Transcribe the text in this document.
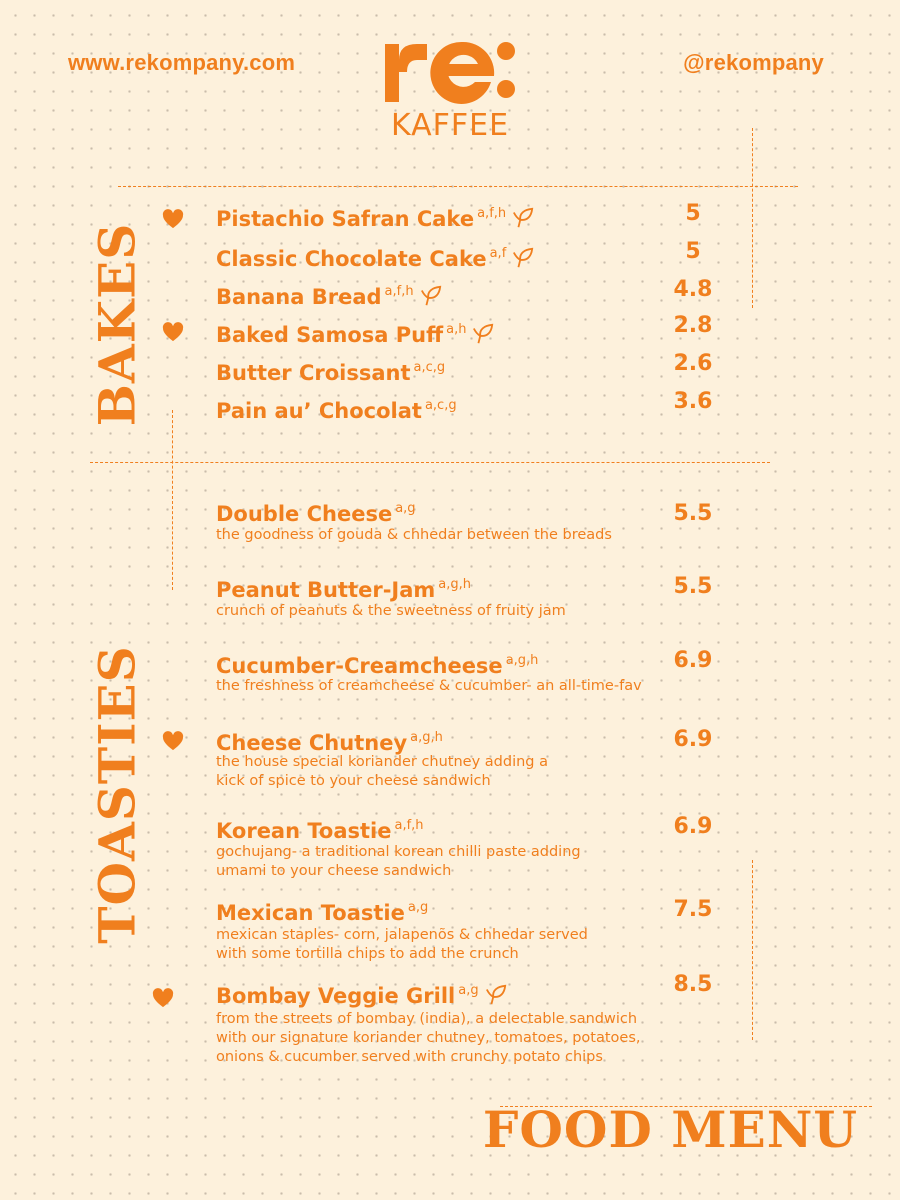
www.rekompany.com	@rekompany
KAFFEE
BAKES
TOASTIES
Pistachio Safran Cake $^{a,f,h}$	5
Classic Chocolate Cake $^{a,f}$	5
Banana Bread $^{a,f,h}$	4.8
Baked Samosa Puff $^{a,h}$	2.8
Butter Croissant $^{a,c,g}$	2.6
Pain au’ Chocolat $^{a,c,g}$	3.6
Double Cheese $^{a,g}$	5.5
the goodness of gouda & chhedar between the breads
Peanut Butter-Jam $^{a,g,h}$	5.5
crunch of peanuts & the sweetness of fruity jam
Cucumber-Creamcheese $^{a,g,h}$	6.9
the freshness of creamcheese & cucumber- an all-time-fav
Cheese Chutney $^{a,g,h}$	6.9
the house special koriander chutney adding a
kick of spice to your cheese sandwich
Korean Toastie $^{a,f,h}$	6.9
gochujang- a traditional korean chilli paste adding
umami to your cheese sandwich
Mexican Toastie $^{a,g}$	7.5
mexican staples- corn, jalapenõs & chhedar served
with some tortilla chips to add the crunch
Bombay Veggie Grill $^{a,g}$	8.5
from the streets of bombay (india), a delectable sandwich
with our signature koriander chutney, tomatoes, potatoes,
onions & cucumber served with crunchy potato chips
FOOD MENU
